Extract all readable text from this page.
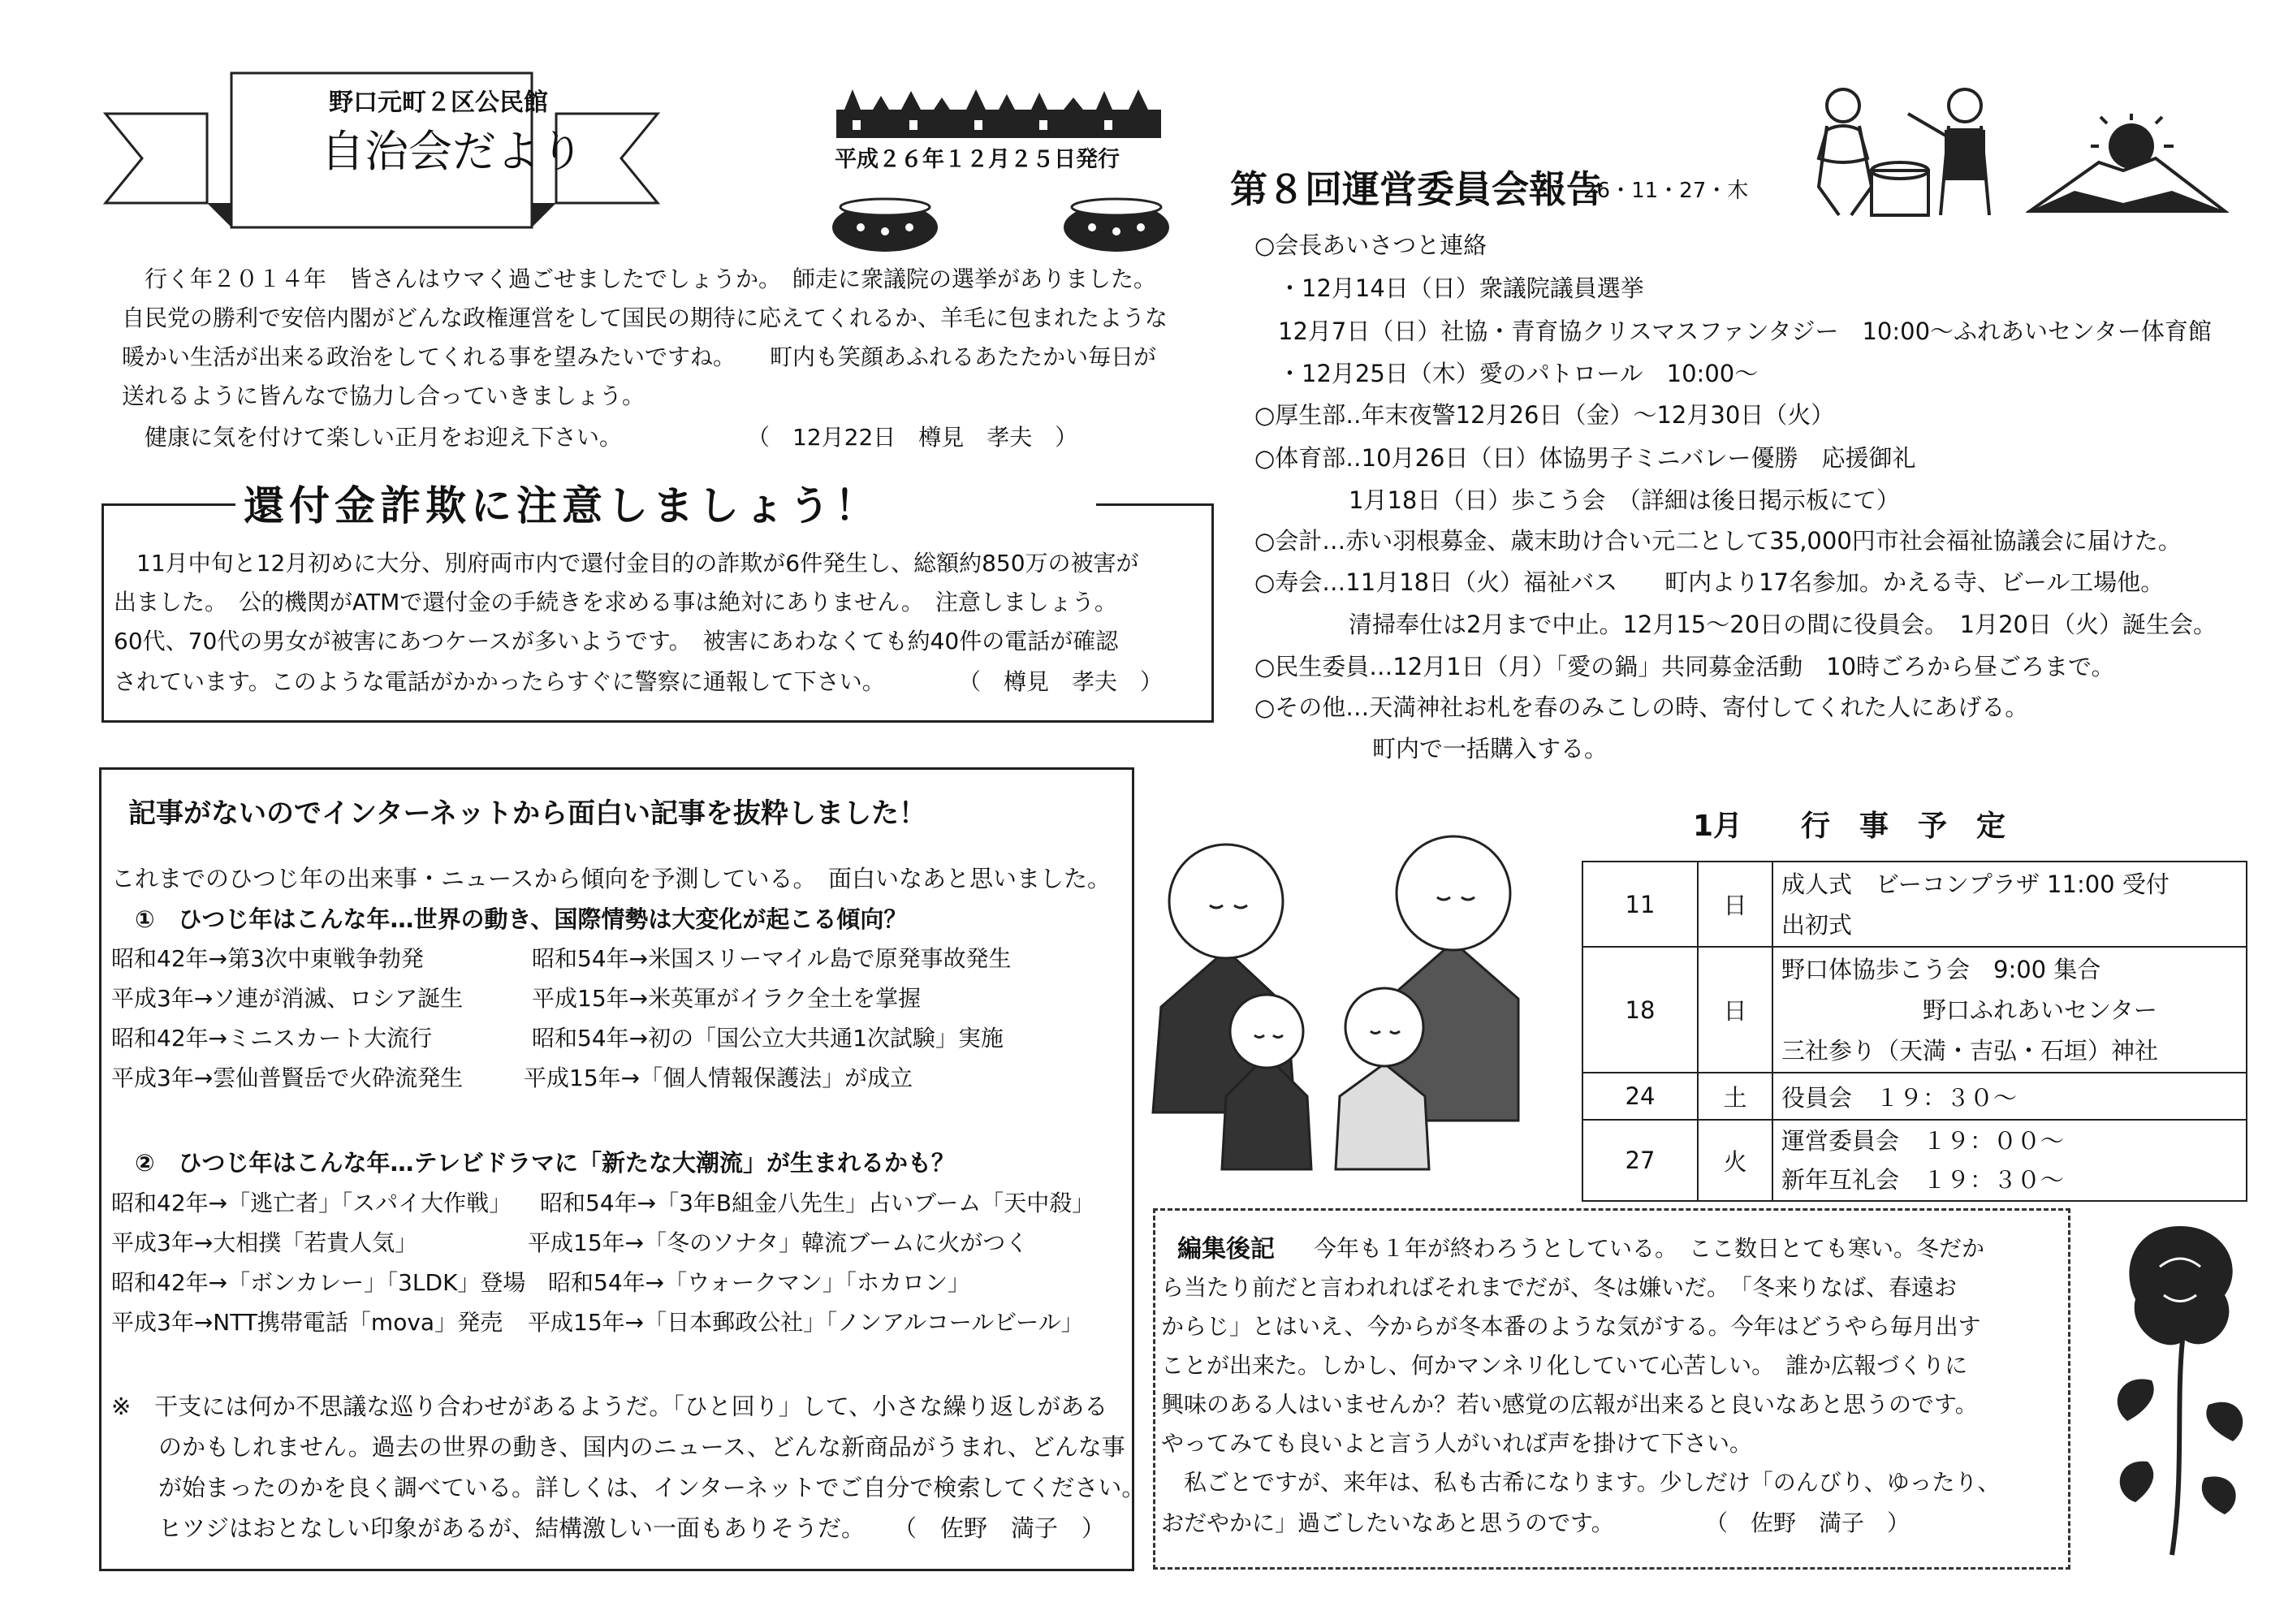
野口元町２区公民館
自治会だより	平成２６年１２月２５日発行
　行く年２０１４年　皆さんはウマく過ごせましたでしょうか。　師走に衆議院の選挙がありました。
自民党の勝利で安倍内閣がどんな政権運営をして国民の期待に応えてくれるか、羊毛に包まれたような
暖かい生活が出来る政治をしてくれる事を望みたいですね。　　町内も笑顔あふれるあたたかい毎日が
送れるように皆んなで協力し合っていきましょう。
　健康に気を付けて楽しい正月をお迎え下さい。	（　12月22日　樽見　孝夫　）
還付金詐欺に注意しましょう！
　11月中旬と12月初めに大分、別府両市内で還付金目的の詐欺が6件発生し、総額約850万の被害が
出ました。　公的機関がATMで還付金の手続きを求める事は絶対にありません。　注意しましょう。
60代、70代の男女が被害にあつケースが多いようです。　被害にあわなくても約40件の電話が確認
されています。このような電話がかかったらすぐに警察に通報して下さい。	（　樽見　孝夫　）
第８回運営委員会報告
26・11・27・木
○会長あいさつと連絡
　・12月14日（日）衆議院議員選挙
　12月7日（日）社協・青育協クリスマスファンタジー　10:00～ふれあいセンター体育館
　・12月25日（木）愛のパトロール　10:00～
○厚生部‥年末夜警12月26日（金）～12月30日（火）
○体育部‥10月26日（日）体協男子ミニバレー優勝　応援御礼
　　　　1月18日（日）歩こう会　（詳細は後日掲示板にて）
○会計…赤い羽根募金、歳末助け合い元二として35,000円市社会福祉協議会に届けた。
○寿会…11月18日（火）福祉バス　　町内より17名参加。かえる寺、ビール工場他。
　　　　清掃奉仕は2月まで中止。12月15～20日の間に役員会。　1月20日（火）誕生会。
○民生委員…12月1日（月）「愛の鍋」共同募金活動　10時ごろから昼ごろまで。
○その他…天満神社お札を春のみこしの時、寄付してくれた人にあげる。
　　　　　町内で一括購入する。
記事がないのでインターネットから面白い記事を抜粋しました！
これまでのひつじ年の出来事・ニュースから傾向を予測している。　面白いなあと思いました。
　①　ひつじ年はこんな年…世界の動き、国際情勢は大変化が起こる傾向？
昭和42年→第3次中東戦争勃発	昭和54年→米国スリーマイル島で原発事故発生
平成3年→ソ連が消滅、ロシア誕生	平成15年→米英軍がイラク全土を掌握
昭和42年→ミニスカート大流行	昭和54年→初の「国公立大共通1次試験」実施
平成3年→雲仙普賢岳で火砕流発生	平成15年→「個人情報保護法」が成立
　②　ひつじ年はこんな年…テレビドラマに「新たな大潮流」が生まれるかも？
昭和42年→「逃亡者」「スパイ大作戦」 昭和54年→「3年B組金八先生」占いブーム「天中殺」
平成3年→大相撲「若貴人気」	平成15年→「冬のソナタ」韓流ブームに火がつく
昭和42年→「ボンカレー」「3LDK」登場 昭和54年→「ウォークマン」「ホカロン」
平成3年→NTT携帯電話「mova」発売 平成15年→「日本郵政公社」「ノンアルコールビール」
※　干支には何か不思議な巡り合わせがあるようだ。「ひと回り」して、小さな繰り返しがある
　　のかもしれません。過去の世界の動き、国内のニュース、どんな新商品がうまれ、どんな事
　　が始まったのかを良く調べている。詳しくは、インターネットでご自分で検索してください。
　　ヒツジはおとなしい印象があるが、結構激しい一面もありそうだ。 （　佐野　満子　）
1月　　行　事　予　定
11	日	成人式　ビーコンプラザ 11:00 受付
出初式

18	日	野口体協歩こう会　9:00 集合
　　　　　　野口ふれあいセンター
三社参り（天満・吉弘・石垣）神社

24	土	役員会　１９：３０～

27	火	運営委員会　１９：００～
新年互礼会　１９：３０～
編集後記 　今年も１年が終わろうとしている。　ここ数日とても寒い。冬だか
ら当たり前だと言われればそれまでだが、冬は嫌いだ。　「冬来りなば、春遠お
からじ」とはいえ、今からが冬本番のような気がする。今年はどうやら毎月出す
ことが出来た。しかし、何かマンネリ化していて心苦しい。　誰か広報づくりに
興味のある人はいませんか？若い感覚の広報が出来ると良いなあと思うのです。
やってみても良いよと言う人がいれば声を掛けて下さい。
　私ごとですが、来年は、私も古希になります。少しだけ「のんびり、ゆったり、
おだやかに」過ごしたいなあと思うのです。	（　佐野　満子　）
